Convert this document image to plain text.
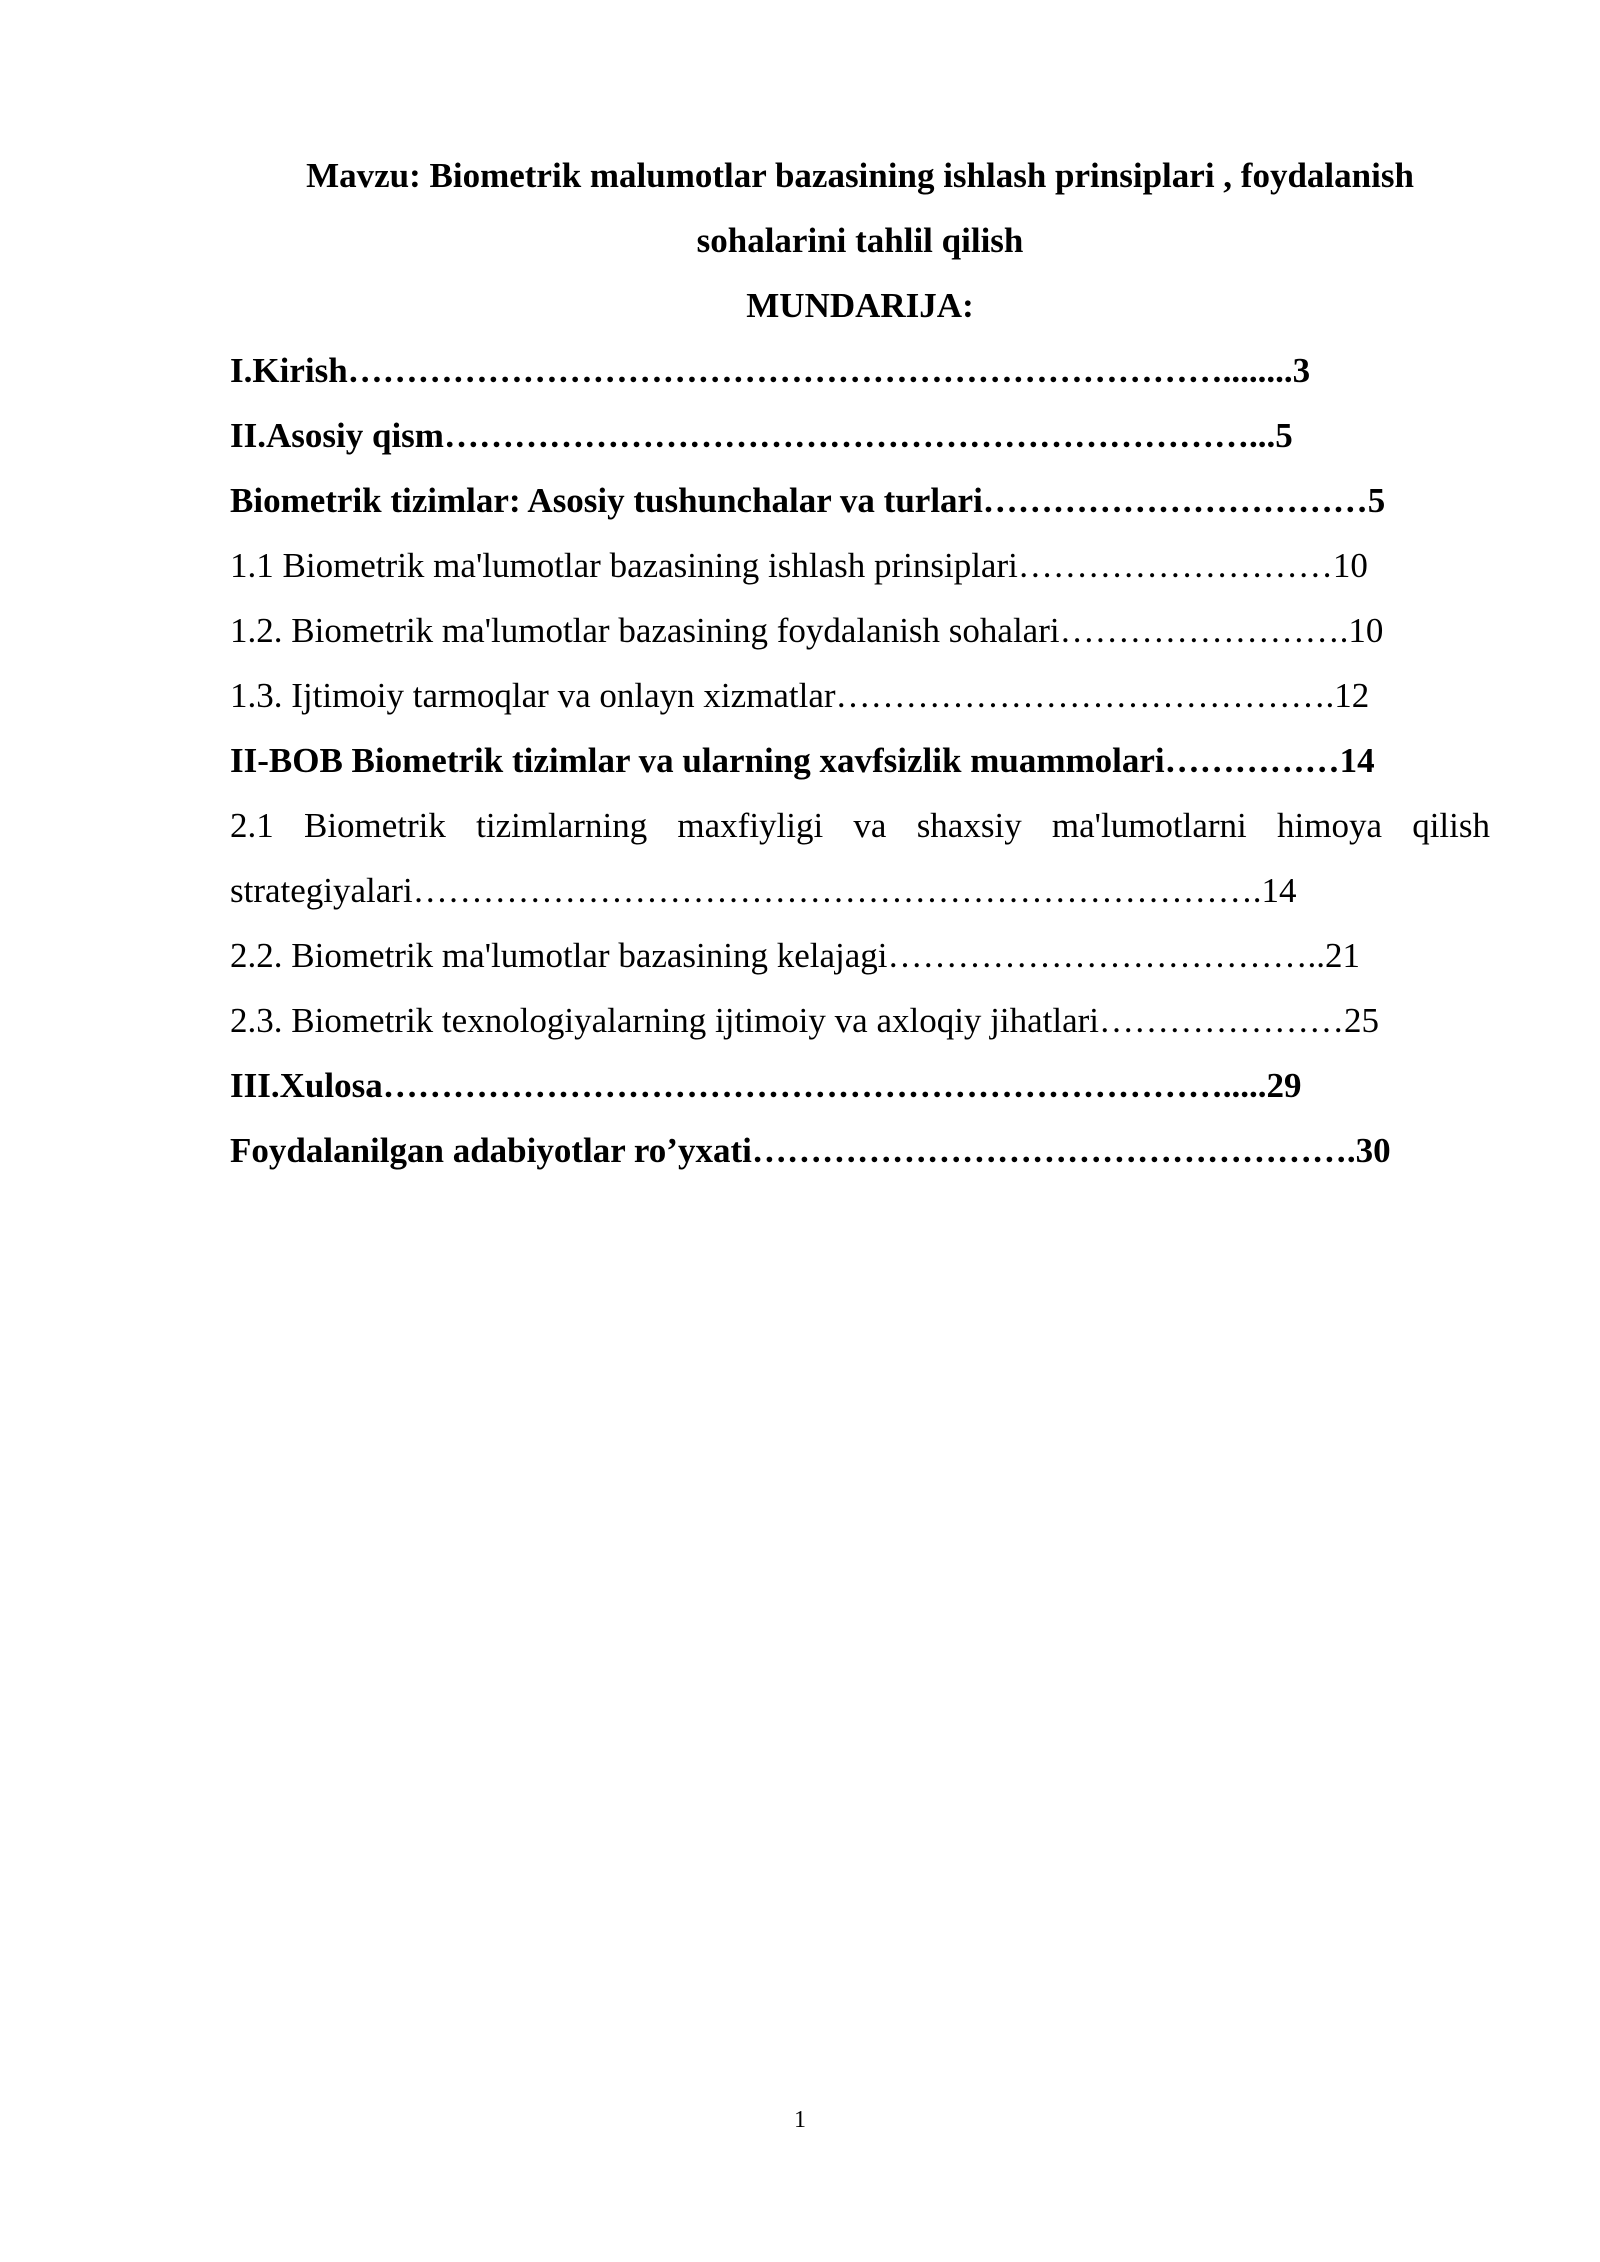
Mavzu: Biometrik malumotlar bazasining ishlash prinsiplari , foydalanish
sohalarini tahlil qilish
MUNDARIJA:
I.Kirish…………………………………………………………………........3
II.Asosiy qism……………………………………………………………...5
Biometrik tizimlar: Asosiy tushunchalar va turlari……………………………5
1.1 Biometrik ma'lumotlar bazasining ishlash prinsiplari………………………10
1.2. Biometrik ma'lumotlar bazasining foydalanish sohalari…………………….10
1.3. Ijtimoiy tarmoqlar va onlayn xizmatlar…………………………………….12
II-BOB Biometrik tizimlar va ularning xavfsizlik muammolari……………14
2.1 Biometrik tizimlarning maxfiyligi va shaxsiy ma'lumotlarni himoya qilish
strategiyalari……………………………………………………………….14
2.2. Biometrik ma'lumotlar bazasining kelajagi………………………………..21
2.3. Biometrik texnologiyalarning ijtimoiy va axloqiy jihatlari…………………25
III.Xulosa……………………………………………………………….....29
Foydalanilgan adabiyotlar ro’yxati…………………………………………….30
1
